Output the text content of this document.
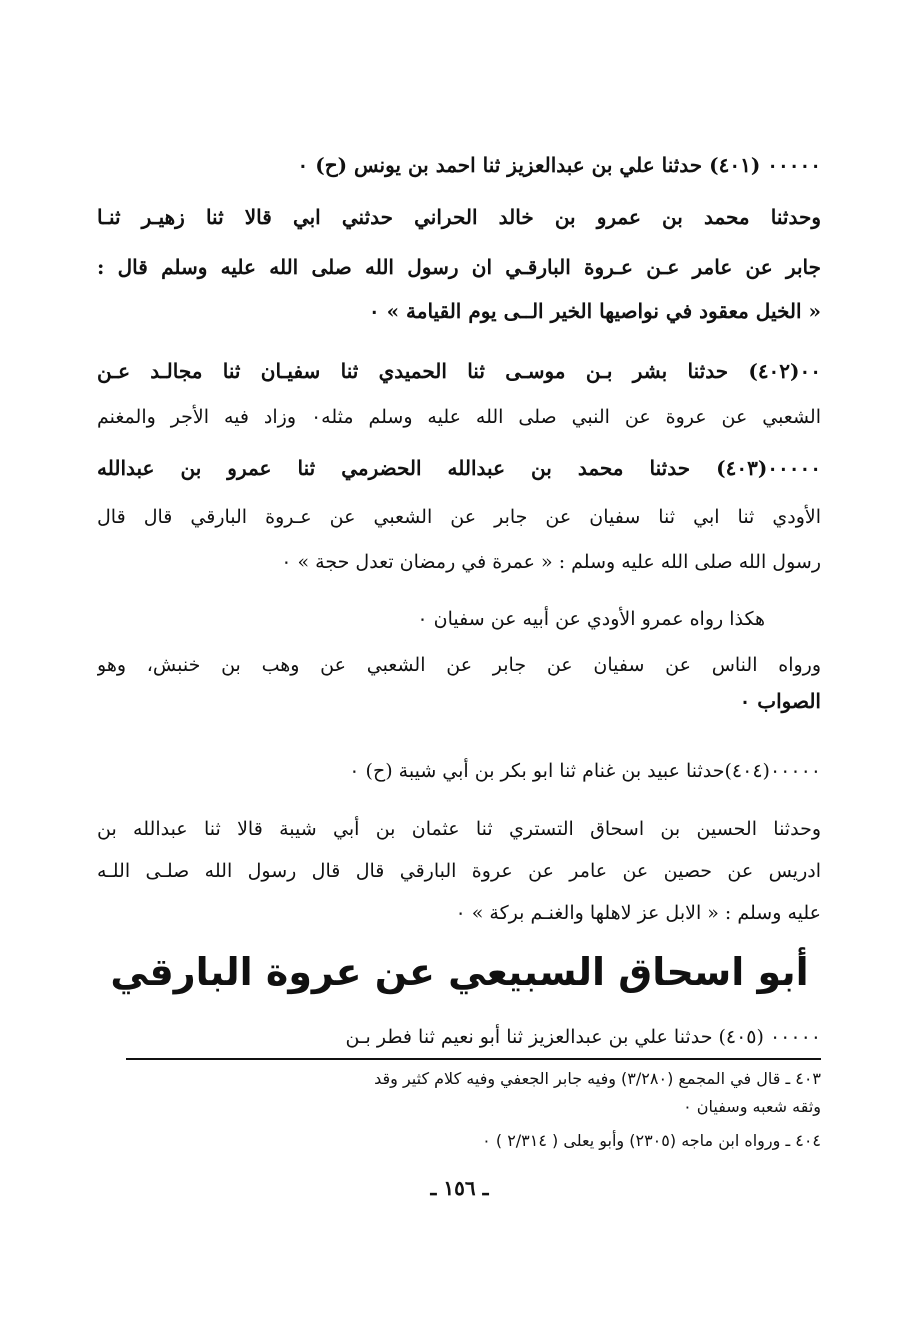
٠٠٠٠٠ (٤٠١) حدثنا علي بن عبدالعزيز ثنا احمد بن يونس (ح) ٠
وحدثنا محمد بن عمرو بن خالد الحراني حدثني ابي قالا ثنا زهيـر ثنـا
جابر عن عامر عـن عـروة البارقـي ان رسول الله صلى الله عليه وسلم قال :
« الخيل معقود في نواصيها الخير الــى يوم القيامة » ٠
٠٠(٤٠٢) حدثنا بشر بـن موسـى ثنا الحميدي ثنا سفيـان ثنا مجالـد عـن
الشعبي عن عروة عن النبي صلى الله عليه وسلم مثله٠ وزاد فيه الأجر والمغنم
٠٠٠٠٠(٤٠٣) حدثنا محمد بن عبدالله الحضرمي ثنا عمرو بن عبدالله
الأودي ثنا ابي ثنا سفيان عن جابر عن الشعبي عن عـروة البارقي قال قال
رسول الله صلى الله عليه وسلم : « عمرة في رمضان تعدل حجة » ٠
هكذا رواه عمرو الأودي عن أبيه عن سفيان ٠
ورواه الناس عن سفيان عن جابر عن الشعبي عن وهب بن خنبش، وهو
الصواب ٠
٠٠٠٠٠(٤٠٤)حدثنا عبيد بن غنام ثنا ابو بكر بن أبي شيبة (ح) ٠
وحدثنا الحسين بن اسحاق التستري ثنا عثمان بن أبي شيبة قالا ثنا عبدالله بن
ادريس عن حصين عن عامر عن عروة البارقي قال قال رسول الله صلـى اللـه
عليه وسلم : « الابل عز لاهلها والغنـم بركة » ٠
أبو اسحاق السبيعي عن عروة البارقي
٠٠٠٠٠ (٤٠٥) حدثنا علي بن عبدالعزيز ثنا أبو نعيم ثنا فطر بـن
٤٠٣ ـ قال في المجمع (٣/٢٨٠) وفيه جابر الجعفي وفيه كلام كثير وقد
وثقه شعبه وسفيان ٠
٤٠٤ ـ ورواه ابن ماجه (٢٣٠٥) وأبو يعلى ( ٢/٣١٤ ) ٠
ـ ١٥٦ ـ
